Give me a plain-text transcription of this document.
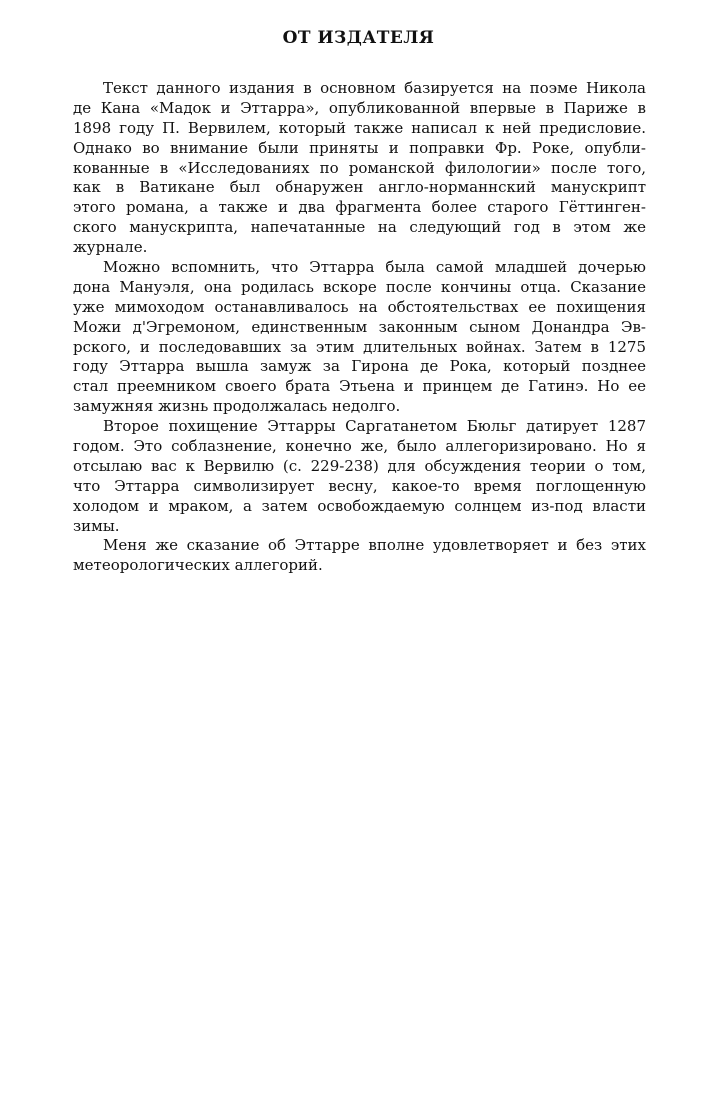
ОТ ИЗДАТЕЛЯ

Текст данного издания в основном базируется на поэме Никола

де Кана «Мадок и Эттарра», опубликованной впервые в Париже в

1898 году П. Вервилем, который также написал к ней предисловие.

Однако во внимание были приняты и поправки Фр. Роке, опубли-

кованные в «Исследованиях по романской филологии» после того,

как в Ватикане был обнаружен англо-норманнский манускрипт

этого романа, а также и два фрагмента более старого Гёттинген-

ского манускрипта, напечатанные на следующий год в этом же

журнале.

Можно вспомнить, что Эттарра была самой младшей дочерью

дона Мануэля, она родилась вскоре после кончины отца. Сказание

уже мимоходом останавливалось на обстоятельствах ее похищения

Можи д'Эгремоном, единственным законным сыном Донандра Эв-

рского, и последовавших за этим длительных войнах. Затем в 1275

году Эттарра вышла замуж за Гирона де Рока, который позднее

стал преемником своего брата Этьена и принцем де Гатинэ. Но ее

замужняя жизнь продолжалась недолго.

Второе похищение Эттарры Саргатанетом Бюльг датирует 1287

годом. Это соблазнение, конечно же, было аллегоризировано. Но я

отсылаю вас к Вервилю (с. 229-238) для обсуждения теории о том,

что Эттарра символизирует весну, какое-то время поглощенную

холодом и мраком, а затем освобождаемую солнцем из-под власти

зимы.

Меня же сказание об Эттарре вполне удовлетворяет и без этих

метеорологических аллегорий.
